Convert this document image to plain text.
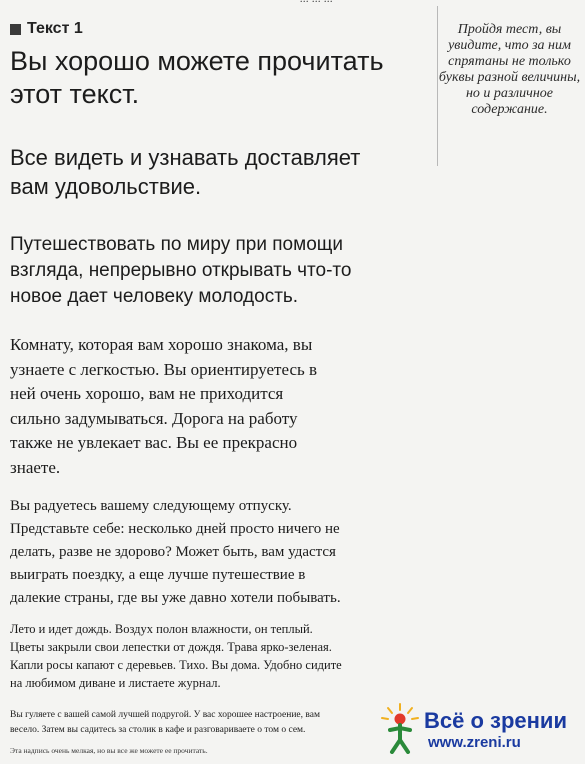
Текст 1	Пройдя тест, вы увидите, что за ним спрятаны не только буквы разной величины, но и различное содержание.
Вы хорошо можете прочитать
этот текст.
Все видеть и узнавать доставляет
вам удовольствие.
Путешествовать по миру при помощи
взгляда, непрерывно открывать что-то
новое дает человеку молодость.
Комнату, которая вам хорошо знакома, вы
узнаете с легкостью. Вы ориентируетесь в
ней очень хорошо, вам не приходится
сильно задумываться. Дорога на работу
также не увлекает вас. Вы ее прекрасно
знаете.
Вы радуетесь вашему следующему отпуску.
Представьте себе: несколько дней просто ничего не
делать, разве не здорово? Может быть, вам удастся
выиграть поездку, а еще лучше путешествие в
далекие страны, где вы уже давно хотели побывать.
Лето и идет дождь. Воздух полон влажности, он теплый.
Цветы закрыли свои лепестки от дождя. Трава ярко-зеленая.
Капли росы капают с деревьев. Тихо. Вы дома. Удобно сидите
на любимом диване и листаете журнал.
Вы гуляете с вашей самой лучшей подругой. У вас хорошее настроение, вам
весело. Затем вы садитесь за столик в кафе и разговариваете о том о сем.
Эта надпись очень мелкая, но вы все же можете ее прочитать.
Всё о зрении
www.zreni.ru
